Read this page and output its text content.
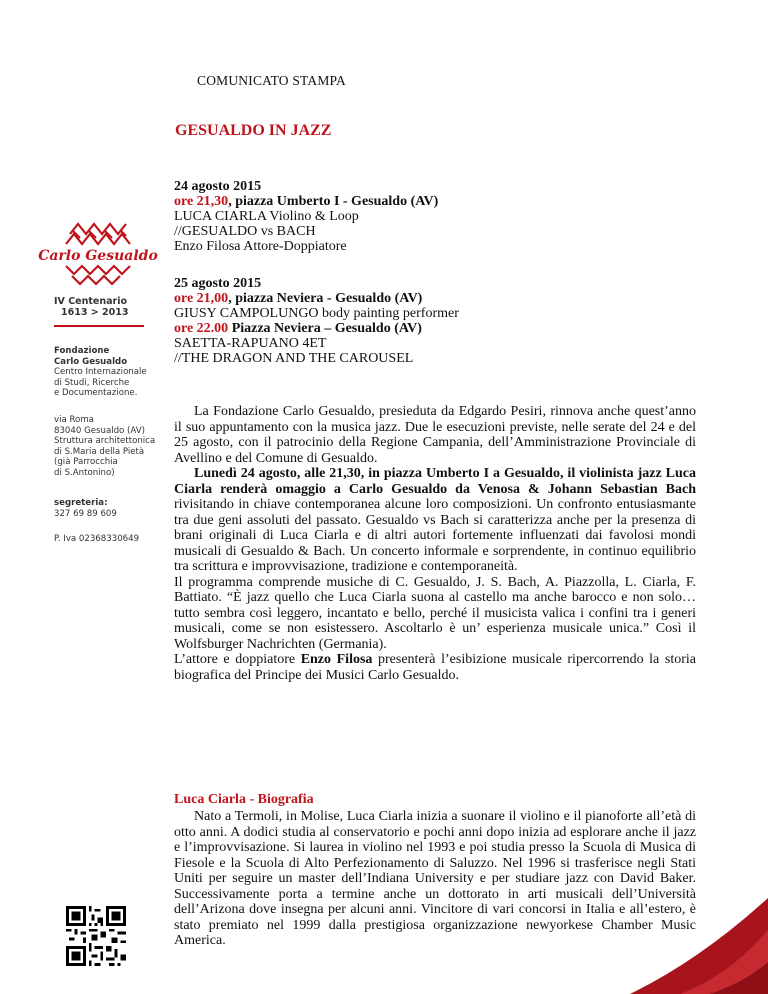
COMUNICATO STAMPA
GESUALDO IN JAZZ
24 agosto 2015
ore 21,30, piazza Umberto I - Gesualdo (AV)
LUCA CIARLA Violino & Loop
//GESUALDO vs BACH
Enzo Filosa Attore-Doppiatore
25 agosto 2015
ore 21,00, piazza Neviera - Gesualdo (AV)
GIUSY CAMPOLUNGO body painting performer
ore 22.00 Piazza Neviera – Gesualdo (AV)
SAETTA-RAPUANO 4ET
//THE DRAGON AND THE CAROUSEL
Carlo Gesualdo
IV Centenario
1613 > 2013
Fondazione
Carlo Gesualdo
Centro Internazionale
di Studi, Ricerche
e Documentazione.
via Roma
83040 Gesualdo (AV)
Struttura architettonica
di S.Maria della Pietà
(già Parrocchia
di S.Antonino)
segreteria:
327 69 89 609
P. Iva 02368330649

La Fondazione Carlo Gesualdo, presieduta da Edgardo Pesiri, rinnova anche quest’anno il suo appuntamento con la musica jazz. Due le esecuzioni previste, nelle serate del 24 e del 25 agosto, con il patrocinio della Regione Campania, dell’Amministrazione Provinciale di Avellino e del Comune di Gesualdo.

Lunedì 24 agosto, alle 21,30, in piazza Umberto I a Gesualdo, il violinista jazz Luca Ciarla renderà omaggio a Carlo Gesualdo da Venosa & Johann Sebastian Bach rivisitando in chiave contemporanea alcune loro composizioni. Un confronto entusiasmante tra due geni assoluti del passato. Gesualdo vs Bach si caratterizza anche per la presenza di brani originali di Luca Ciarla e di altri autori fortemente influenzati dai favolosi mondi musicali di Gesualdo & Bach. Un concerto informale e sorprendente, in continuo equilibrio tra scrittura e improvvisazione, tradizione e contemporaneità.

Il programma comprende musiche di C. Gesualdo, J. S. Bach, A. Piazzolla, L. Ciarla, F. Battiato. “È jazz quello che Luca Ciarla suona al castello ma anche barocco e non solo…tutto sembra così leggero, incantato e bello, perché il musicista valica i confini tra i generi musicali, come se non esistessero. Ascoltarlo è un’ esperienza musicale unica.” Così il Wolfsburger Nachrichten (Germania).

L’attore e doppiatore Enzo Filosa presenterà l’esibizione musicale ripercorrendo la storia biografica del Principe dei Musici Carlo Gesualdo.

Luca Ciarla - Biografia

Nato a Termoli, in Molise, Luca Ciarla inizia a suonare il violino e il pianoforte all’età di otto anni. A dodici studia al conservatorio e pochi anni dopo inizia ad esplorare anche il jazz e l’improvvisazione. Si laurea in violino nel 1993 e poi studia presso la Scuola di Musica di Fiesole e la Scuola di Alto Perfezionamento di Saluzzo. Nel 1996 si trasferisce negli Stati Uniti per seguire un master dell’Indiana University e per studiare jazz con David Baker. Successivamente porta a termine anche un dottorato in arti musicali dell’Università dell’Arizona dove insegna per alcuni anni. Vincitore di vari concorsi in Italia e all’estero, è stato premiato nel 1999 dalla prestigiosa organizzazione newyorkese Chamber Music America.
